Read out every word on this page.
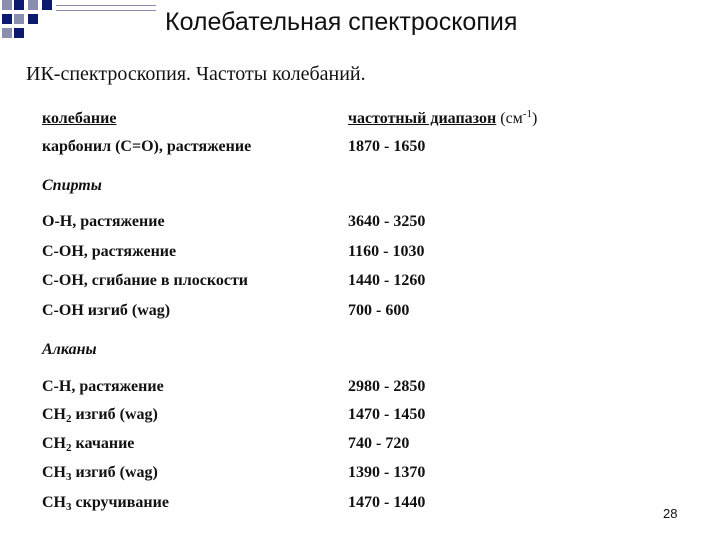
Колебательная спектроскопия
ИК-спектроскопия. Частоты колебаний.
колебание	частотный диапазон $(см^{-1})$
карбонил (C=O), растяжение	1870 - 1650
Спирты
O-H, растяжение	3640 - 3250
C-OH, растяжение	1160 - 1030
C-OH, сгибание в плоскости	1440 - 1260
C-OH изгиб (wag)	700 - 600
Алканы
C-H, растяжение	2980 - 2850
$CH_2$ изгиб (wag)	1470 - 1450
$CH_2$ качание	740 - 720
$CH_3$ изгиб (wag)	1390 - 1370
$CH_3$ скручивание	1470 - 1440
28
